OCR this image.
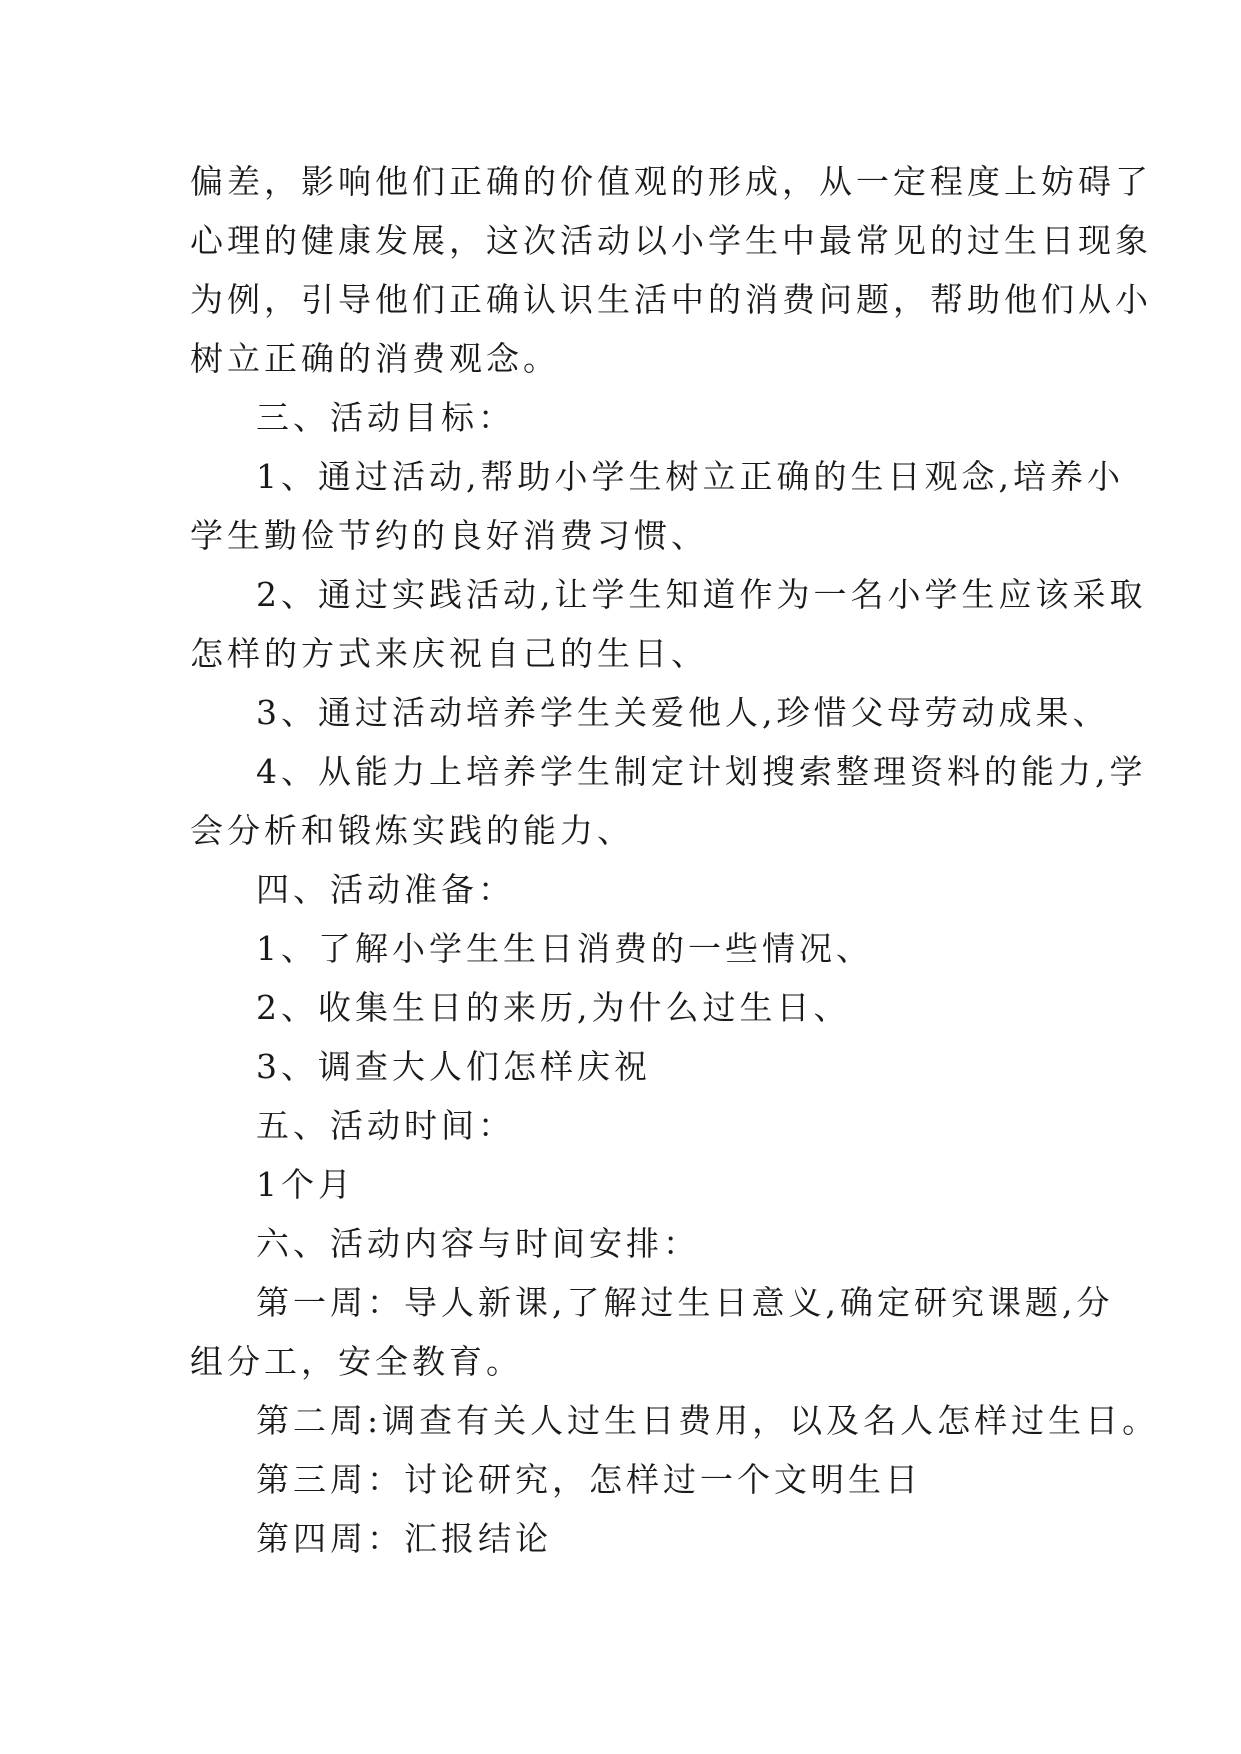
偏差，影响他们正确的价值观的形成，从一定程度上妨碍了
心理的健康发展，这次活动以小学生中最常见的过生日现象
为例，引导他们正确认识生活中的消费问题，帮助他们从小
树立正确的消费观念。
三、活动目标：
1、通过活动,帮助小学生树立正确的生日观念,培养小
学生勤俭节约的良好消费习惯、
2、通过实践活动,让学生知道作为一名小学生应该采取
怎样的方式来庆祝自己的生日、
3、通过活动培养学生关爱他人,珍惜父母劳动成果、
4、从能力上培养学生制定计划搜索整理资料的能力,学
会分析和锻炼实践的能力、
四、活动准备：
1、了解小学生生日消费的一些情况、
2、收集生日的来历,为什么过生日、
3、调查大人们怎样庆祝
五、活动时间：
1个月
六、活动内容与时间安排：
第一周：导人新课,了解过生日意义,确定研究课题,分
组分工，安全教育。
第二周:调查有关人过生日费用，以及名人怎样过生日。
第三周：讨论研究，怎样过一个文明生日
第四周：汇报结论
